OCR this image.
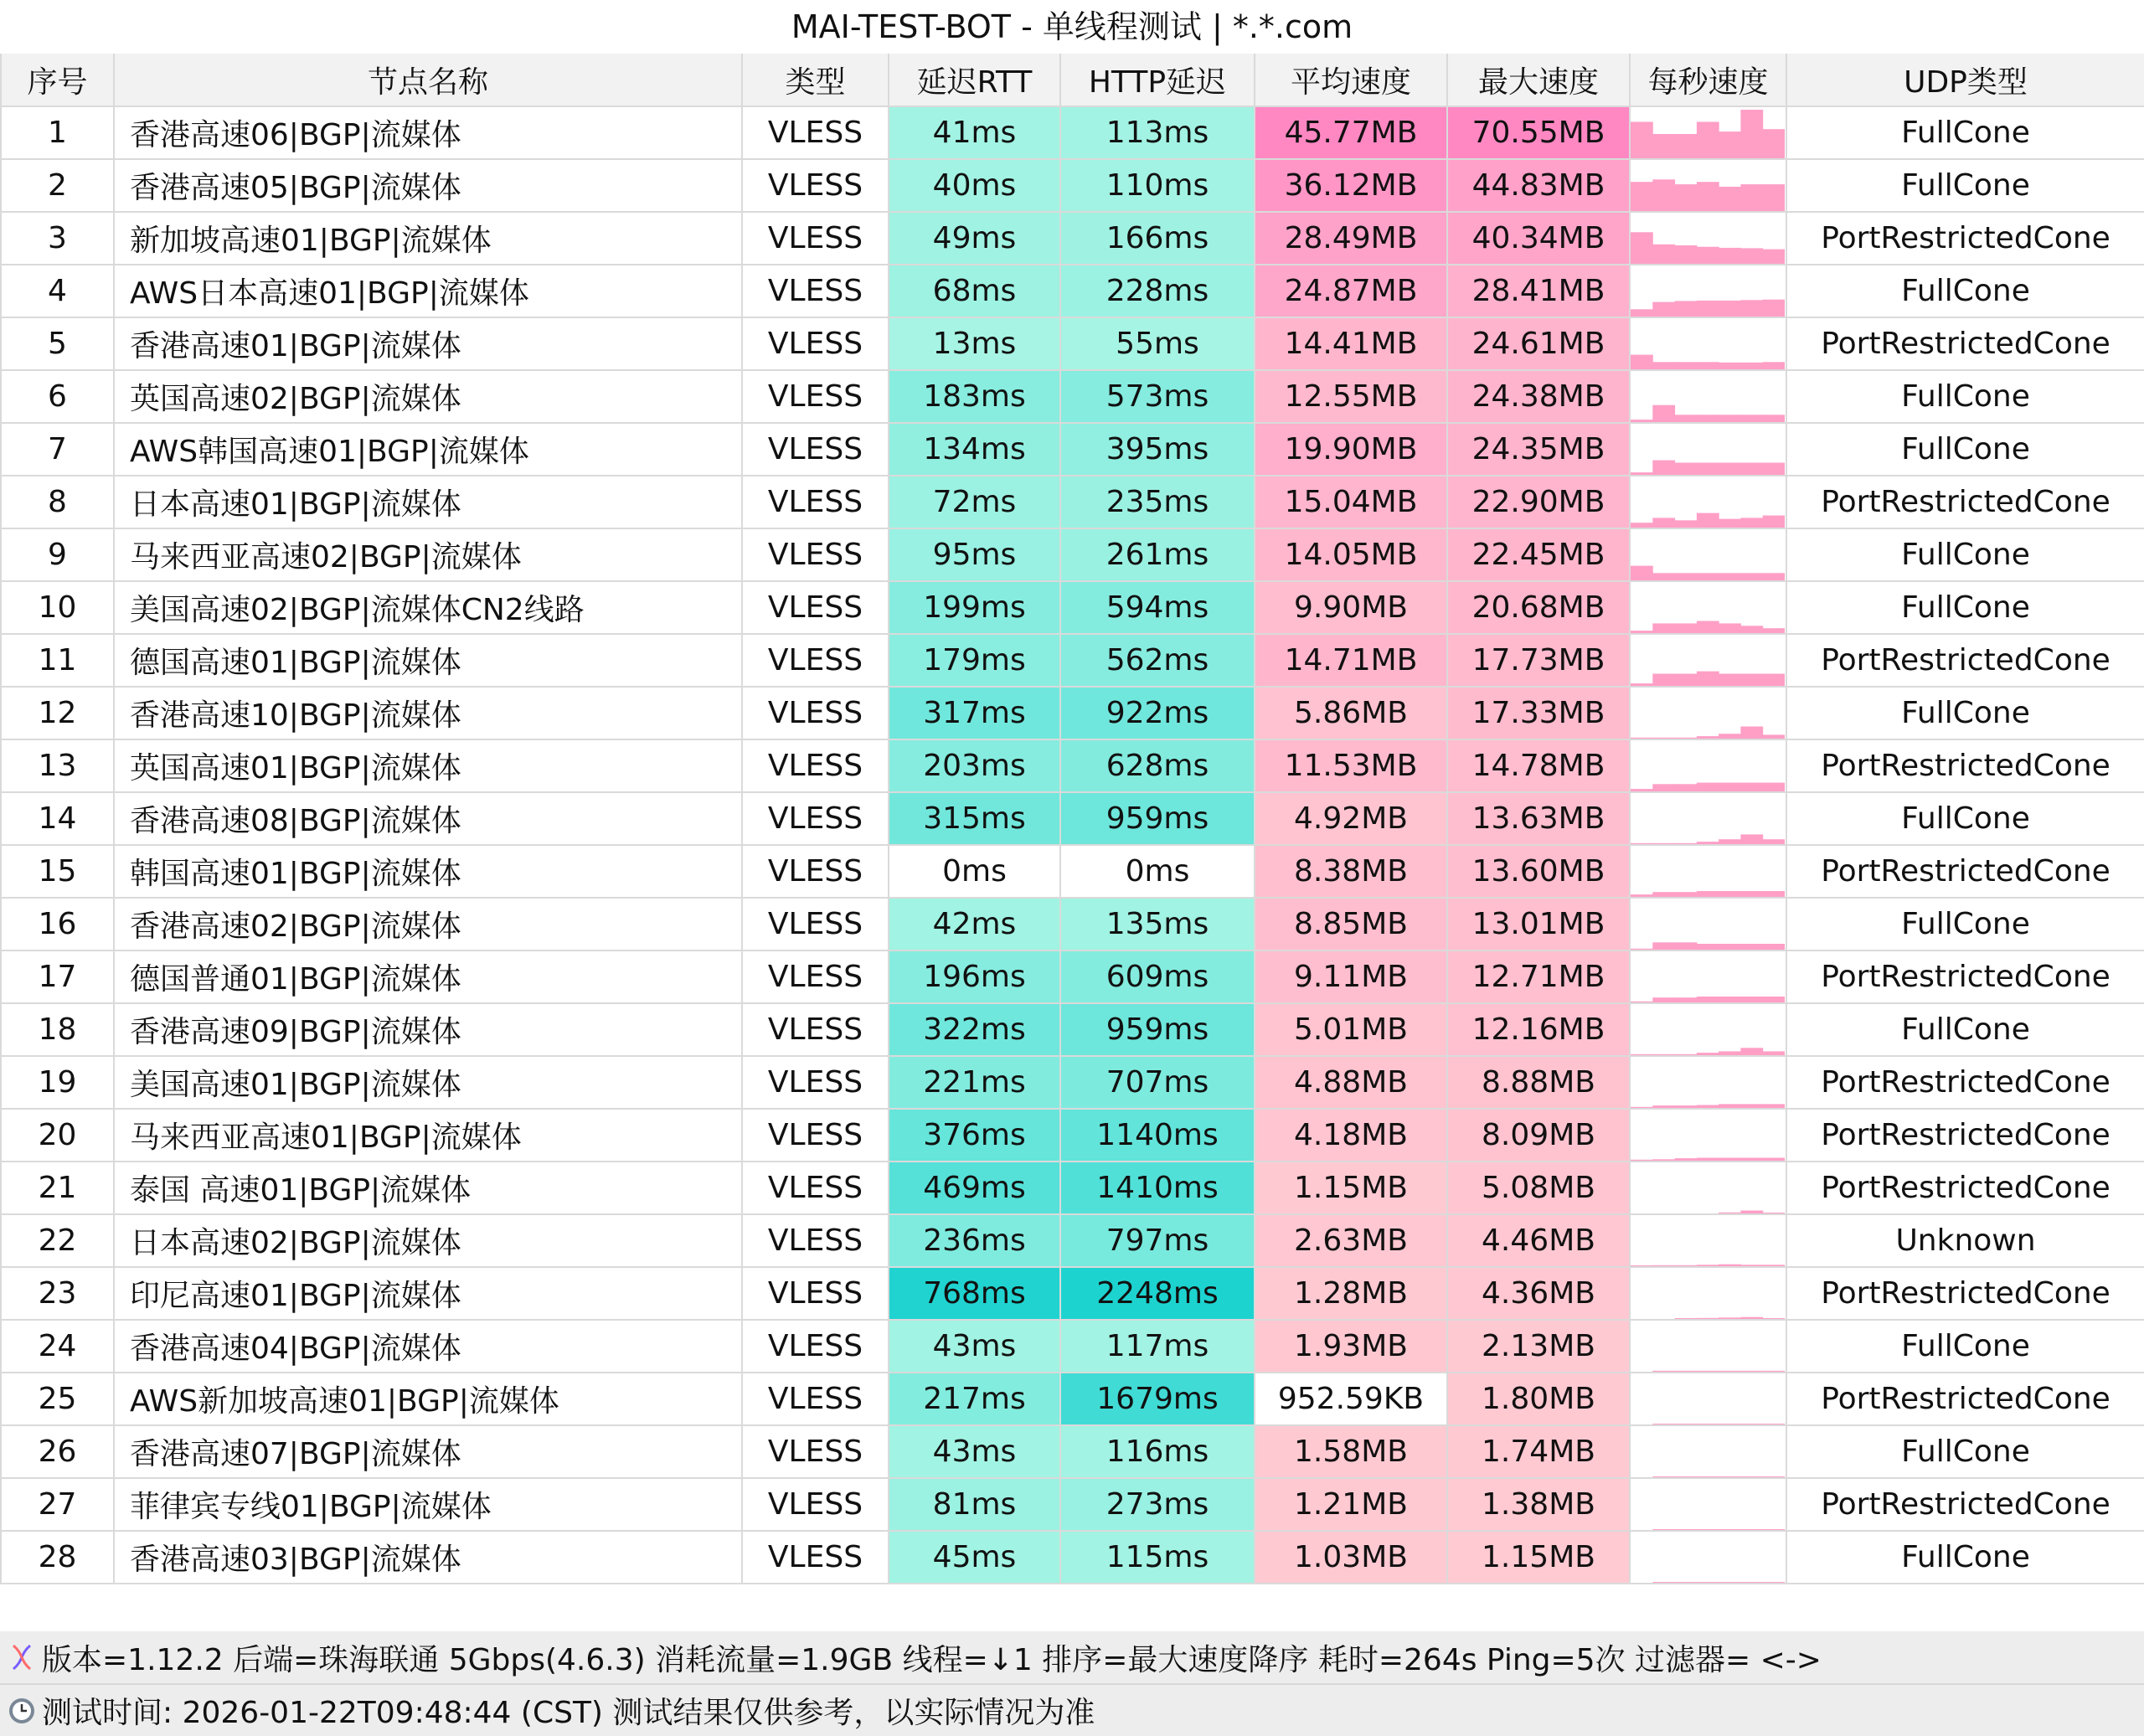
MAI-TEST-BOT - 单线程测试 | *.*.com
序号	节点名称	类型	延迟RTT	HTTP延迟	平均速度	最大速度	每秒速度	UDP类型
1	香港高速06|BGP|流媒体	VLESS	41ms	113ms	45.77MB	70.55MB		FullCone
2	香港高速05|BGP|流媒体	VLESS	40ms	110ms	36.12MB	44.83MB		FullCone
3	新加坡高速01|BGP|流媒体	VLESS	49ms	166ms	28.49MB	40.34MB		PortRestrictedCone
4	AWS日本高速01|BGP|流媒体	VLESS	68ms	228ms	24.87MB	28.41MB		FullCone
5	香港高速01|BGP|流媒体	VLESS	13ms	55ms	14.41MB	24.61MB		PortRestrictedCone
6	英国高速02|BGP|流媒体	VLESS	183ms	573ms	12.55MB	24.38MB		FullCone
7	AWS韩国高速01|BGP|流媒体	VLESS	134ms	395ms	19.90MB	24.35MB		FullCone
8	日本高速01|BGP|流媒体	VLESS	72ms	235ms	15.04MB	22.90MB		PortRestrictedCone
9	马来西亚高速02|BGP|流媒体	VLESS	95ms	261ms	14.05MB	22.45MB		FullCone
10	美国高速02|BGP|流媒体CN2线路	VLESS	199ms	594ms	9.90MB	20.68MB		FullCone
11	德国高速01|BGP|流媒体	VLESS	179ms	562ms	14.71MB	17.73MB		PortRestrictedCone
12	香港高速10|BGP|流媒体	VLESS	317ms	922ms	5.86MB	17.33MB		FullCone
13	英国高速01|BGP|流媒体	VLESS	203ms	628ms	11.53MB	14.78MB		PortRestrictedCone
14	香港高速08|BGP|流媒体	VLESS	315ms	959ms	4.92MB	13.63MB		FullCone
15	韩国高速01|BGP|流媒体	VLESS	0ms	0ms	8.38MB	13.60MB		PortRestrictedCone
16	香港高速02|BGP|流媒体	VLESS	42ms	135ms	8.85MB	13.01MB		FullCone
17	德国普通01|BGP|流媒体	VLESS	196ms	609ms	9.11MB	12.71MB		PortRestrictedCone
18	香港高速09|BGP|流媒体	VLESS	322ms	959ms	5.01MB	12.16MB		FullCone
19	美国高速01|BGP|流媒体	VLESS	221ms	707ms	4.88MB	8.88MB		PortRestrictedCone
20	马来西亚高速01|BGP|流媒体	VLESS	376ms	1140ms	4.18MB	8.09MB		PortRestrictedCone
21	泰国 高速01|BGP|流媒体	VLESS	469ms	1410ms	1.15MB	5.08MB		PortRestrictedCone
22	日本高速02|BGP|流媒体	VLESS	236ms	797ms	2.63MB	4.46MB		Unknown
23	印尼高速01|BGP|流媒体	VLESS	768ms	2248ms	1.28MB	4.36MB		PortRestrictedCone
24	香港高速04|BGP|流媒体	VLESS	43ms	117ms	1.93MB	2.13MB		FullCone
25	AWS新加坡高速01|BGP|流媒体	VLESS	217ms	1679ms	952.59KB	1.80MB		PortRestrictedCone
26	香港高速07|BGP|流媒体	VLESS	43ms	116ms	1.58MB	1.74MB		FullCone
27	菲律宾专线01|BGP|流媒体	VLESS	81ms	273ms	1.21MB	1.38MB		PortRestrictedCone
28	香港高速03|BGP|流媒体	VLESS	45ms	115ms	1.03MB	1.15MB		FullCone
版本=1.12.2 后端=珠海联通 5Gbps(4.6.3) 消耗流量=1.9GB 线程=↓1 排序=最大速度降序 耗时=264s Ping=5次 过滤器= <->
测试时间: 2026-01-22T09:48:44 (CST) 测试结果仅供参考，以实际情况为准
